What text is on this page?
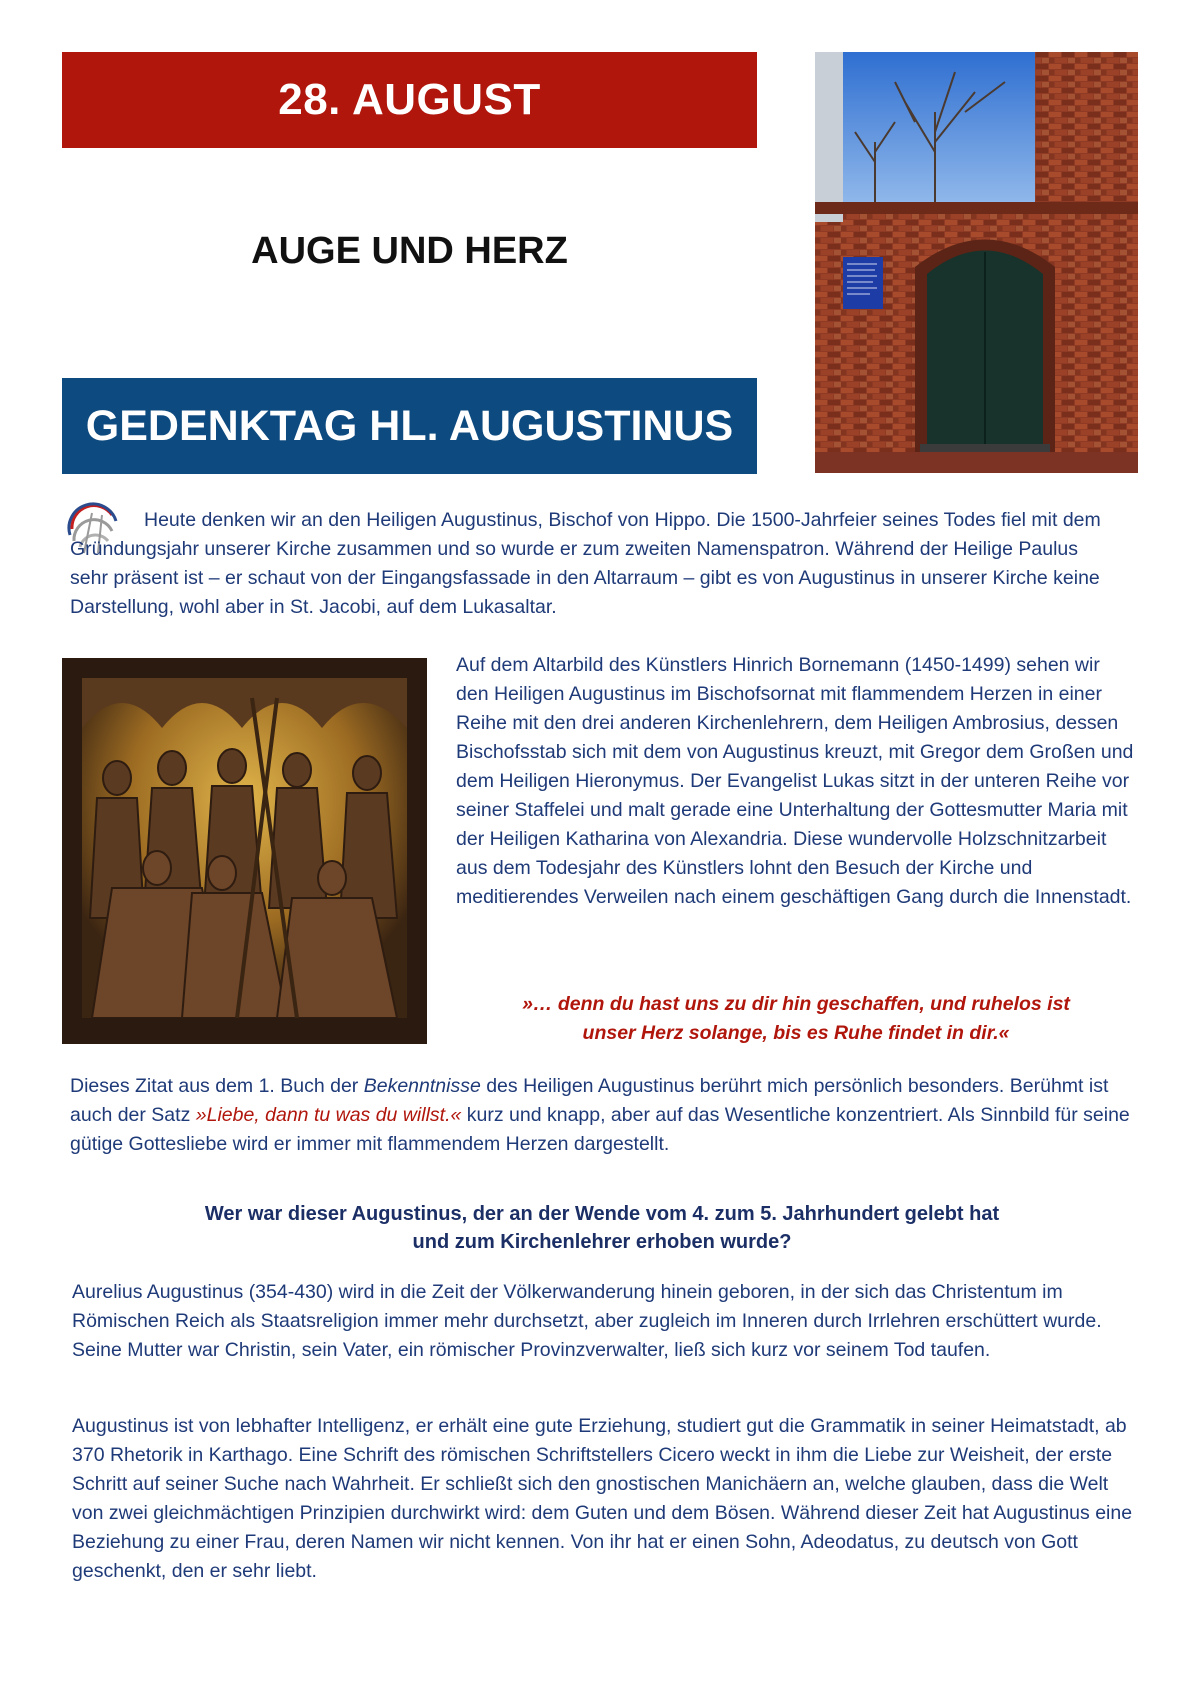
28. AUGUST
AUGE UND HERZ
GEDENKTAG HL. AUGUSTINUS
Heute denken wir an den Heiligen Augustinus, Bischof von Hippo. Die 1500-Jahrfeier seines Todes fiel mit dem Gründungsjahr unserer Kirche zusammen und so wurde er zum zweiten Namenspatron. Während der Heilige Paulus sehr präsent ist – er schaut von der Eingangsfassade in den Altarraum – gibt es von Augustinus in unserer Kirche keine Darstellung, wohl aber in St. Jacobi, auf dem Lukasaltar.
Auf dem Altarbild des Künstlers Hinrich Bornemann (1450-1499) sehen wir den Heiligen Augustinus im Bischofsornat mit flammendem Herzen in einer Reihe mit den drei anderen Kirchenlehrern, dem Heiligen Ambrosius, dessen Bischofsstab sich mit dem von Augustinus kreuzt, mit Gregor dem Großen und dem Heiligen Hieronymus. Der Evangelist Lukas sitzt in der unteren Reihe vor seiner Staffelei und malt gerade eine Unterhaltung der Gottesmutter Maria mit der Heiligen Katharina von Alexandria. Diese wundervolle Holzschnitzarbeit aus dem Todesjahr des Künstlers lohnt den Besuch der Kirche und meditierendes Verweilen nach einem geschäftigen Gang durch die Innenstadt.
»… denn du hast uns zu dir hin geschaffen, und ruhelos ist
unser Herz solange, bis es Ruhe findet in dir.«
Dieses Zitat aus dem 1. Buch der Bekenntnisse des Heiligen Augustinus berührt mich persönlich besonders. Berühmt ist auch der Satz »Liebe, dann tu was du willst.« kurz und knapp, aber auf das Wesentliche konzentriert. Als Sinnbild für seine gütige Gottesliebe wird er immer mit flammendem Herzen dargestellt.
Wer war dieser Augustinus, der an der Wende vom 4. zum 5. Jahrhundert gelebt hat
und zum Kirchenlehrer erhoben wurde?
Aurelius Augustinus (354-430) wird in die Zeit der Völkerwanderung hinein geboren, in der sich das Christentum im Römischen Reich als Staatsreligion immer mehr durchsetzt, aber zugleich im Inneren durch Irrlehren erschüttert wurde. Seine Mutter war Christin, sein Vater, ein römischer Provinzverwalter, ließ sich kurz vor seinem Tod taufen.
Augustinus ist von lebhafter Intelligenz, er erhält eine gute Erziehung, studiert gut die Grammatik in seiner Heimatstadt, ab 370 Rhetorik in Karthago. Eine Schrift des römischen Schriftstellers Cicero weckt in ihm die Liebe zur Weisheit, der erste Schritt auf seiner Suche nach Wahrheit. Er schließt sich den gnostischen Manichäern an, welche glauben, dass die Welt von zwei gleichmächtigen Prinzipien durchwirkt wird: dem Guten und dem Bösen. Während dieser Zeit hat Augustinus eine Beziehung zu einer Frau, deren Namen wir nicht kennen. Von ihr hat er einen Sohn, Adeodatus, zu deutsch von Gott geschenkt, den er sehr liebt.
